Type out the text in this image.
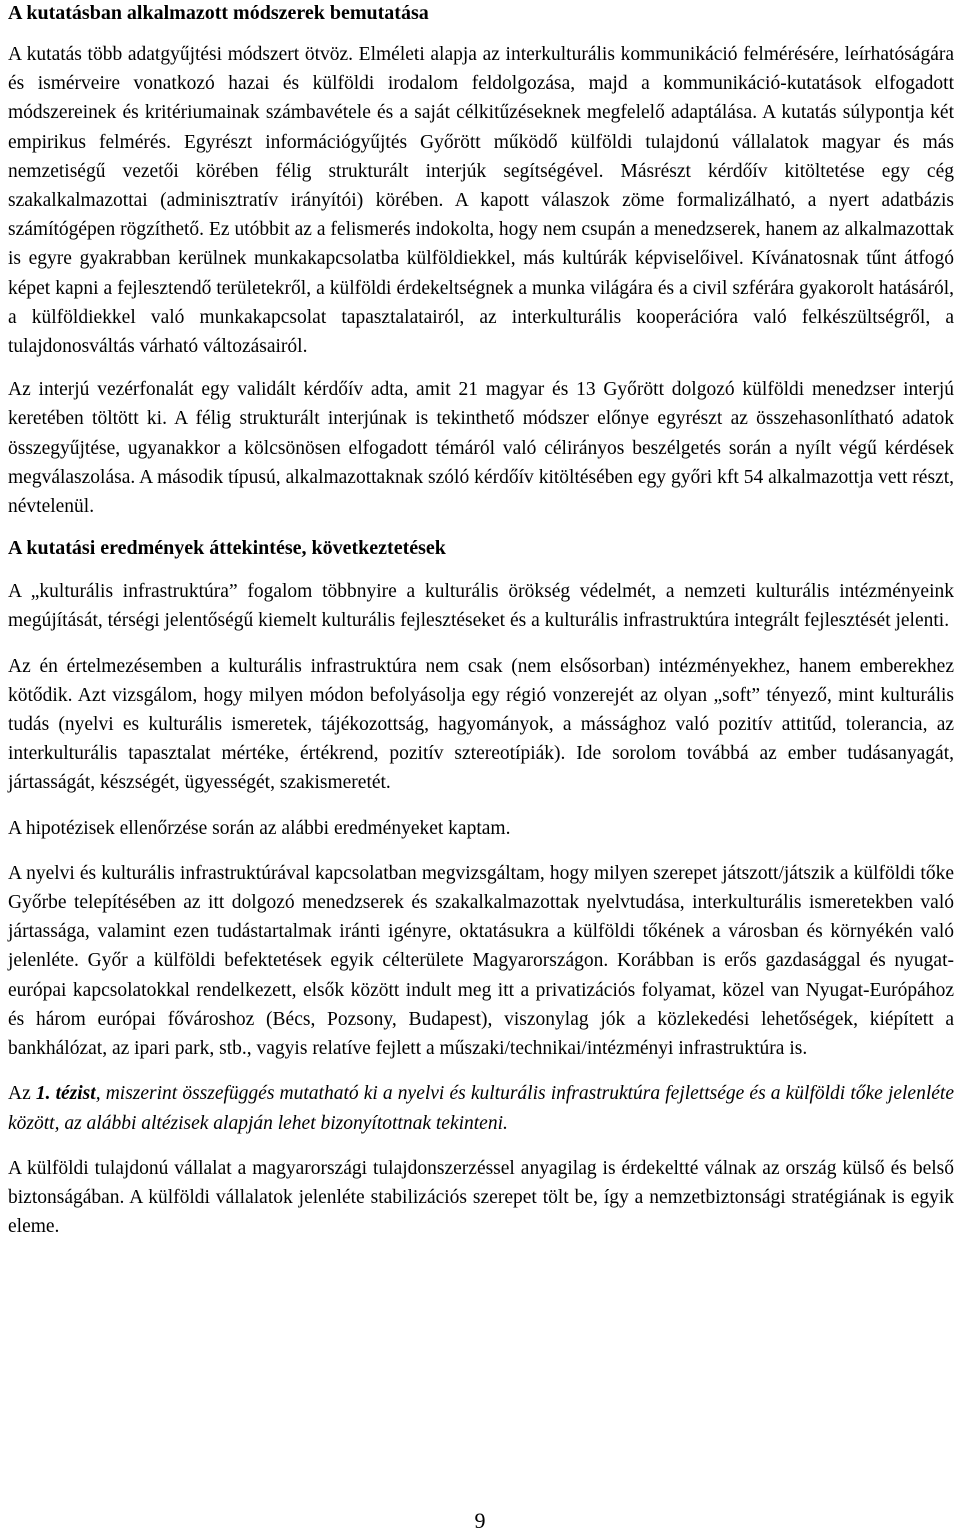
A kutatásban alkalmazott módszerek bemutatása

A kutatás több adatgyűjtési módszert ötvöz. Elméleti alapja az interkulturális kommunikáció felmérésére, leírhatóságára és ismérveire vonatkozó hazai és külföldi irodalom feldolgozása, majd a kommunikáció-kutatások elfogadott módszereinek és kritériumainak számbavétele és a saját célkitűzéseknek megfelelő adaptálása. A kutatás súlypontja két empirikus felmérés. Egyrészt információgyűjtés Győrött működő külföldi tulajdonú vállalatok magyar és más nemzetiségű vezetői körében félig strukturált interjúk segítségével. Másrészt kérdőív kitöltetése egy cég szakalkalmazottai (adminisztratív irányítói) körében. A kapott válaszok zöme formalizálható, a nyert adatbázis számítógépen rögzíthető. Ez utóbbit az a felismerés indokolta, hogy nem csupán a menedzserek, hanem az alkalmazottak is egyre gyakrabban kerülnek munkakapcsolatba külföldiekkel, más kultúrák képviselőivel. Kívánatosnak tűnt átfogó képet kapni a fejlesztendő területekről, a külföldi érdekeltségnek a munka világára és a civil szférára gyakorolt hatásáról, a külföldiekkel való munkakapcsolat tapasztalatairól, az interkulturális kooperációra való felkészültségről, a tulajdonosváltás várható változásairól.

Az interjú vezérfonalát egy validált kérdőív adta, amit 21 magyar és 13 Győrött dolgozó külföldi menedzser interjú keretében töltött ki. A félig strukturált interjúnak is tekinthető módszer előnye egyrészt az összehasonlítható adatok összegyűjtése, ugyanakkor a kölcsönösen elfogadott témáról való célirányos beszélgetés során a nyílt végű kérdések megválaszolása. A második típusú, alkalmazottaknak szóló kérdőív kitöltésében egy győri kft 54 alkalmazottja vett részt, névtelenül.

A kutatási eredmények áttekintése, következtetések

A „kulturális infrastruktúra” fogalom többnyire a kulturális örökség védelmét, a nemzeti kulturális intézményeink megújítását, térségi jelentőségű kiemelt kulturális fejlesztéseket és a kulturális infrastruktúra integrált fejlesztését jelenti.

Az én értelmezésemben a kulturális infrastruktúra nem csak (nem elsősorban) intézményekhez, hanem emberekhez kötődik. Azt vizsgálom, hogy milyen módon befolyásolja egy régió vonzerejét az olyan „soft” tényező, mint kulturális tudás (nyelvi es kulturális ismeretek, tájékozottság, hagyományok, a mássághoz való pozitív attitűd, tolerancia, az interkulturális tapasztalat mértéke, értékrend, pozitív sztereotípiák). Ide sorolom továbbá az ember tudásanyagát, jártasságát, készségét, ügyességét, szakismeretét.

A hipotézisek ellenőrzése során az alábbi eredményeket kaptam.

A nyelvi és kulturális infrastruktúrával kapcsolatban megvizsgáltam, hogy milyen szerepet játszott/játszik a külföldi tőke Győrbe telepítésében az itt dolgozó menedzserek és szakalkalmazottak nyelvtudása, interkulturális ismeretekben való jártassága, valamint ezen tudástartalmak iránti igényre, oktatásukra a külföldi tőkének a városban és környékén való jelenléte. Győr a külföldi befektetések egyik célterülete Magyarországon. Korábban is erős gazdasággal és nyugat-európai kapcsolatokkal rendelkezett, elsők között indult meg itt a privatizációs folyamat, közel van Nyugat-Európához és három európai fővároshoz (Bécs, Pozsony, Budapest), viszonylag jók a közlekedési lehetőségek, kiépített a bankhálózat, az ipari park, stb., vagyis relatíve fejlett a műszaki/technikai/intézményi infrastruktúra is.

Az 1. tézist, miszerint összefüggés mutatható ki a nyelvi és kulturális infrastruktúra fejlettsége és a külföldi tőke jelenléte között, az alábbi altézisek alapján lehet bizonyítottnak tekinteni.

A külföldi tulajdonú vállalat a magyarországi tulajdonszerzéssel anyagilag is érdekeltté válnak az ország külső és belső biztonságában. A külföldi vállalatok jelenléte stabilizációs szerepet tölt be, így a nemzetbiztonsági stratégiának is egyik eleme.

9
